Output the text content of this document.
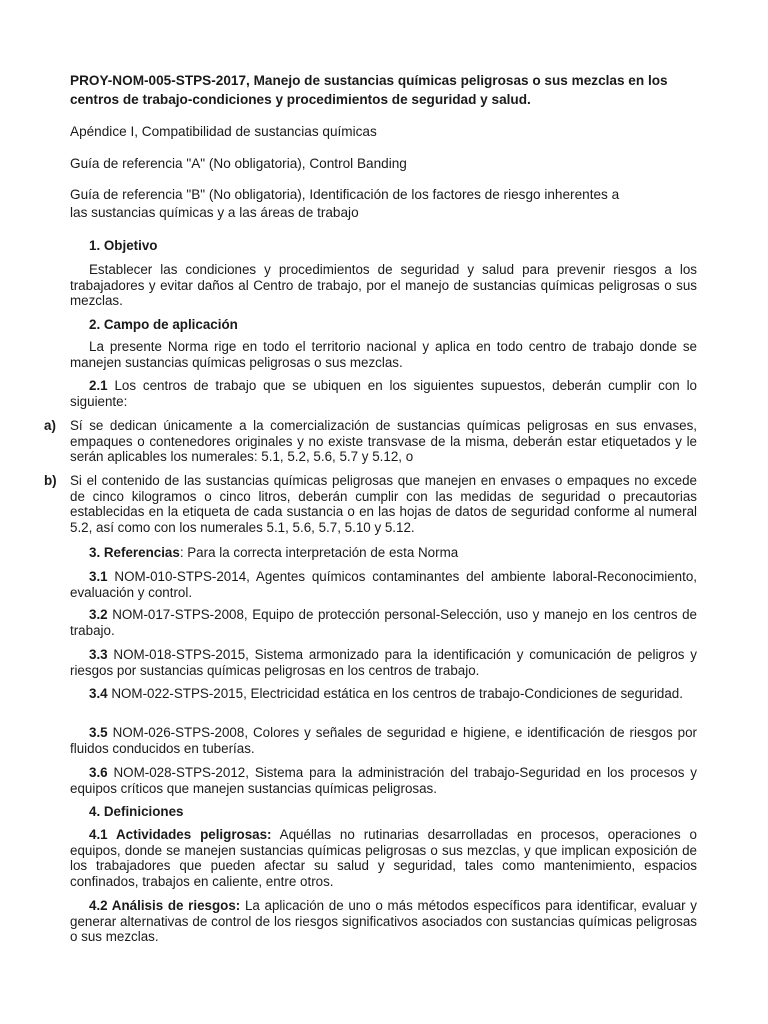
PROY-NOM-005-STPS-2017, Manejo de sustancias químicas peligrosas o sus mezclas en los centros de trabajo-condiciones y procedimientos de seguridad y salud.
Apéndice I, Compatibilidad de sustancias químicas
Guía de referencia "A" (No obligatoria), Control Banding
Guía de referencia "B" (No obligatoria), Identificación de los factores de riesgo inherentes a
las sustancias químicas y a las áreas de trabajo
1. Objetivo
Establecer las condiciones y procedimientos de seguridad y salud para prevenir riesgos a los trabajadores y evitar daños al Centro de trabajo, por el manejo de sustancias químicas peligrosas o sus mezclas.
2. Campo de aplicación
La presente Norma rige en todo el territorio nacional y aplica en todo centro de trabajo donde se manejen sustancias químicas peligrosas o sus mezclas.
2.1 Los centros de trabajo que se ubiquen en los siguientes supuestos, deberán cumplir con lo siguiente:
a) Sí se dedican únicamente a la comercialización de sustancias químicas peligrosas en sus envases, empaques o contenedores originales y no existe transvase de la misma, deberán estar etiquetados y le serán aplicables los numerales: 5.1, 5.2, 5.6, 5.7 y 5.12, o
b) Si el contenido de las sustancias químicas peligrosas que manejen en envases o empaques no excede de cinco kilogramos o cinco litros, deberán cumplir con las medidas de seguridad o precautorias establecidas en la etiqueta de cada sustancia o en las hojas de datos de seguridad conforme al numeral 5.2, así como con los numerales 5.1, 5.6, 5.7, 5.10 y 5.12.
3. Referencias: Para la correcta interpretación de esta Norma
3.1 NOM-010-STPS-2014, Agentes químicos contaminantes del ambiente laboral-Reconocimiento, evaluación y control.
3.2 NOM-017-STPS-2008, Equipo de protección personal-Selección, uso y manejo en los centros de trabajo.
3.3 NOM-018-STPS-2015, Sistema armonizado para la identificación y comunicación de peligros y riesgos por sustancias químicas peligrosas en los centros de trabajo.
3.4 NOM-022-STPS-2015, Electricidad estática en los centros de trabajo-Condiciones de seguridad.
3.5 NOM-026-STPS-2008, Colores y señales de seguridad e higiene, e identificación de riesgos por fluidos conducidos en tuberías.
3.6 NOM-028-STPS-2012, Sistema para la administración del trabajo-Seguridad en los procesos y equipos críticos que manejen sustancias químicas peligrosas.
4. Definiciones
4.1 Actividades peligrosas: Aquéllas no rutinarias desarrolladas en procesos, operaciones o equipos, donde se manejen sustancias químicas peligrosas o sus mezclas, y que implican exposición de los trabajadores que pueden afectar su salud y seguridad, tales como mantenimiento, espacios confinados, trabajos en caliente, entre otros.
4.2 Análisis de riesgos: La aplicación de uno o más métodos específicos para identificar, evaluar y generar alternativas de control de los riesgos significativos asociados con sustancias químicas peligrosas o sus mezclas.
